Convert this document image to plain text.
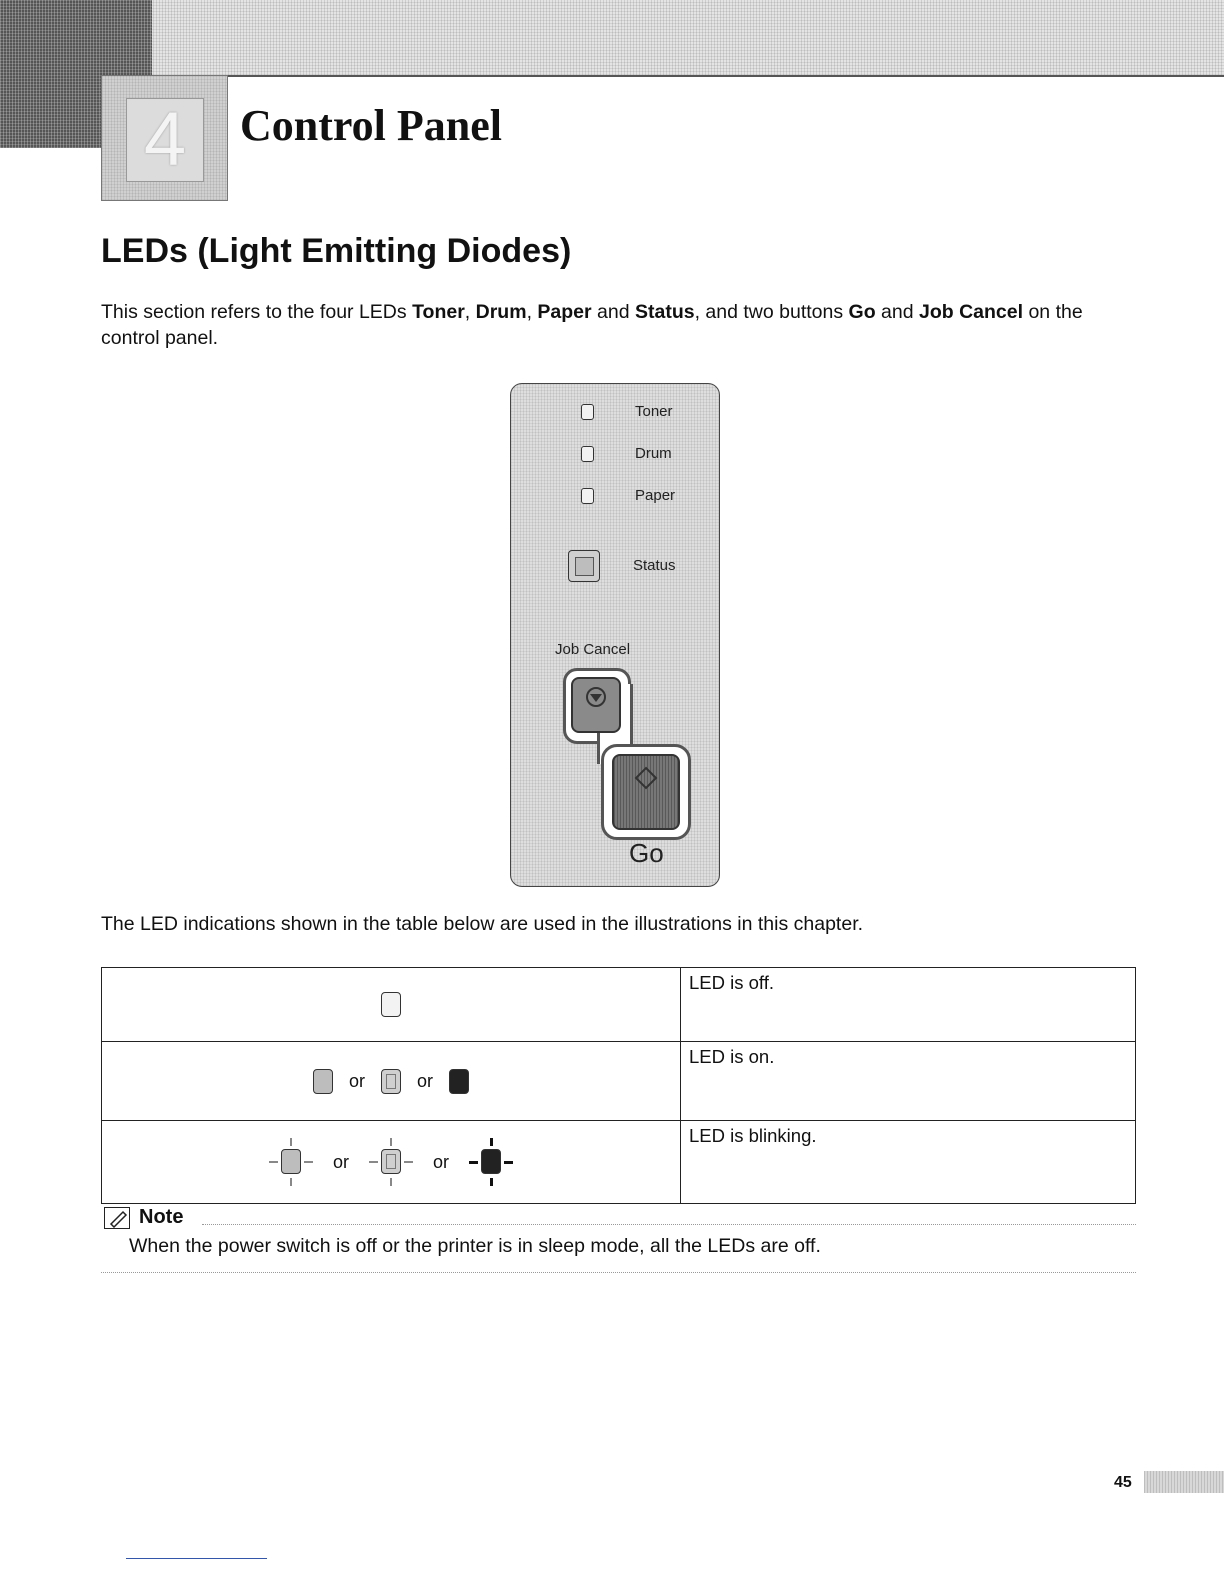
4	Control Panel
LEDs (Light Emitting Diodes)

This section refers to the four LEDs Toner, Drum, Paper and Status, and two buttons Go and Job Cancel on the control panel.

Toner
Drum
Paper
Status
Job Cancel
Go

The LED indications shown in the table below are used in the illustrations in this chapter.

	LED is off.
or or	LED is on.

or or	LED is blinking.
Note

When the power switch is off or the printer is in sleep mode, all the LEDs are off.

45
